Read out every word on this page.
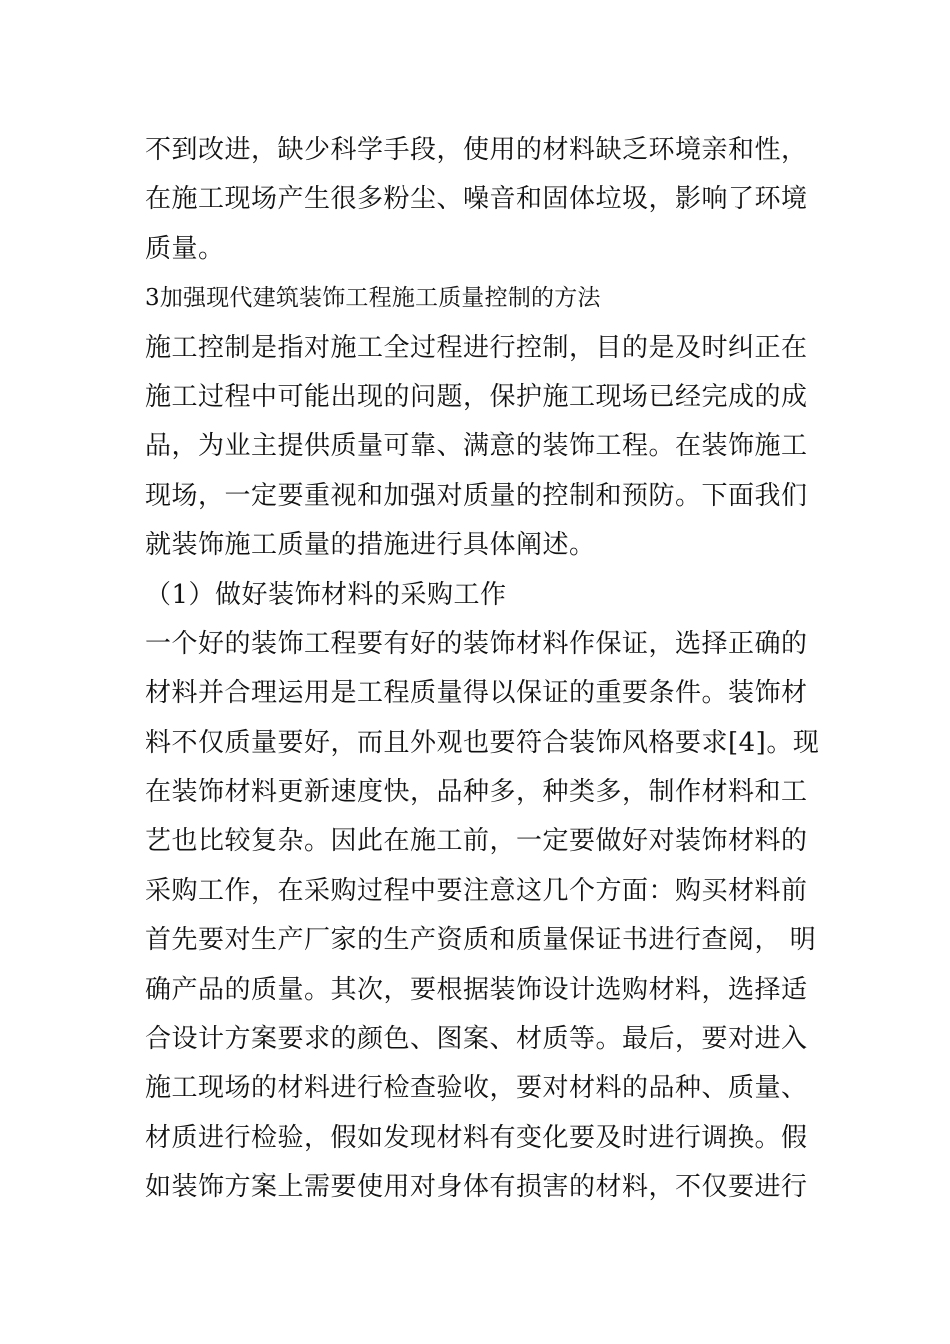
不到改进，缺少科学手段，使用的材料缺乏环境亲和性，
在施工现场产生很多粉尘、噪音和固体垃圾，影响了环境
质量。
3加强现代建筑装饰工程施工质量控制的方法
施工控制是指对施工全过程进行控制，目的是及时纠正在
施工过程中可能出现的问题，保护施工现场已经完成的成
品，为业主提供质量可靠、满意的装饰工程。在装饰施工
现场，一定要重视和加强对质量的控制和预防。下面我们
就装饰施工质量的措施进行具体阐述。
（1）做好装饰材料的采购工作
一个好的装饰工程要有好的装饰材料作保证，选择正确的
材料并合理运用是工程质量得以保证的重要条件。装饰材
料不仅质量要好，而且外观也要符合装饰风格要求[4]。现
在装饰材料更新速度快，品种多，种类多，制作材料和工
艺也比较复杂。因此在施工前，一定要做好对装饰材料的
采购工作，在采购过程中要注意这几个方面：购买材料前
首先要对生产厂家的生产资质和质量保证书进行查阅， 明
确产品的质量。其次，要根据装饰设计选购材料，选择适
合设计方案要求的颜色、图案、材质等。最后，要对进入
施工现场的材料进行检查验收，要对材料的品种、质量、
材质进行检验，假如发现材料有变化要及时进行调换。假
如装饰方案上需要使用对身体有损害的材料，不仅要进行
